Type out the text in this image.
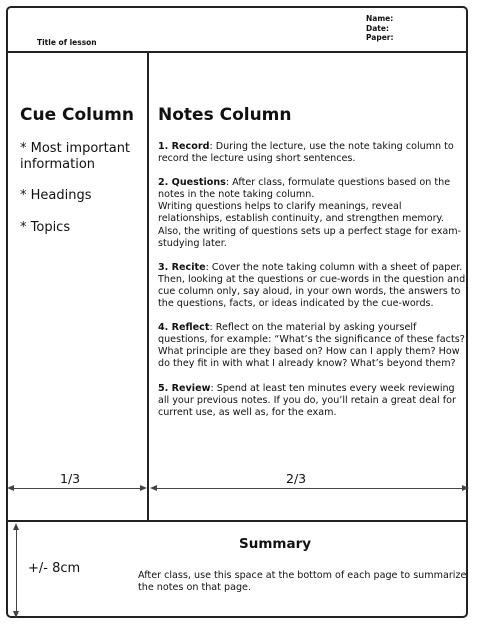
Title of lesson
Name:
Date:
Paper:
Cue Column
* Most important information
* Headings
* Topics
Notes Column

1. Record: During the lecture, use the note taking column to record the lecture using short sentences.

2. Questions: After class, formulate questions based on the notes in the note taking column.
Writing questions helps to clarify meanings, reveal relationships, establish continuity, and strengthen memory. Also, the writing of questions sets up a perfect stage for exam-studying later.

3. Recite: Cover the note taking column with a sheet of paper. Then, looking at the questions or cue-words in the question and cue column only, say aloud, in your own words, the answers to the questions, facts, or ideas indicated by the cue-words.

4. Reflect: Reflect on the material by asking yourself questions, for example: “What’s the significance of these facts? What principle are they based on? How can I apply them? How do they fit in with what I already know? What’s beyond them?

5. Review: Spend at least ten minutes every week reviewing all your previous notes. If you do, you’ll retain a great deal for current use, as well as, for the exam.

1/3	2/3
+/- 8cm
Summary
After class, use this space at the bottom of each page to summarize the notes on that page.
